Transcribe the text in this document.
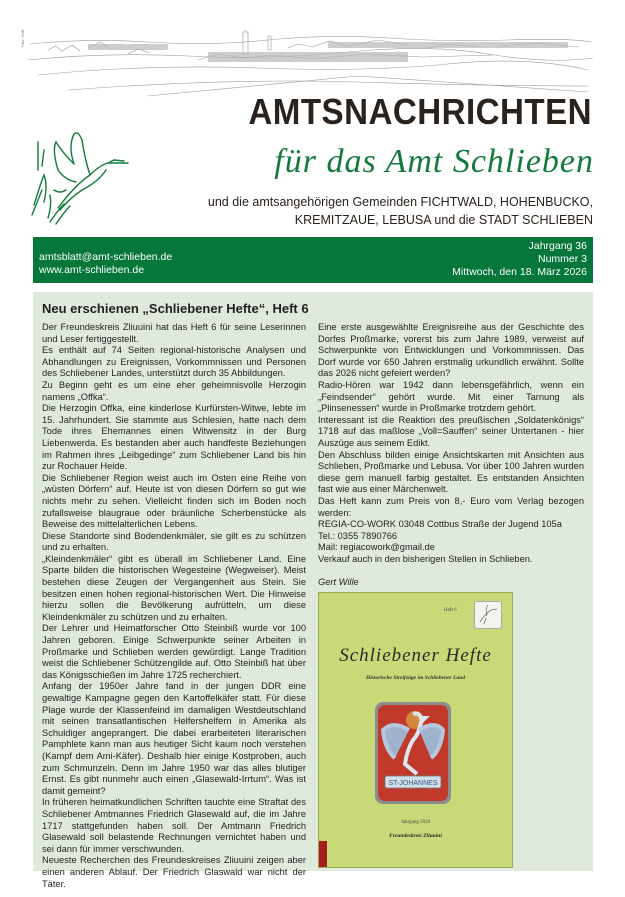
Foto: Hoff
AMTSNACHRICHTEN
für das Amt Schlieben
und die amtsangehörigen Gemeinden FICHTWALD, HOHENBUCKO,
KREMITZAUE, LEBUSA und die STADT SCHLIEBEN
amtsblatt@amt-schlieben.de
www.amt-schlieben.de
Jahrgang 36
Nummer 3
Mittwoch, den 18. März 2026
Neu erschienen „Schliebener Hefte“, Heft 6

Der Freundeskreis Zliuuini hat das Heft 6 für seine Leserinnen und Leser fertiggestellt.

Es enthält auf 74 Seiten regional-historische Analysen und Abhandlungen zu Ereignissen, Vorkommnissen und Personen des Schliebener Landes, unterstützt durch 35 Abbildungen.

Zu Beginn geht es um eine eher geheimnisvolle Herzogin namens „Offka“.

Die Herzogin Offka, eine kinderlose Kurfürsten-Witwe, lebte im 15. Jahrhundert. Sie stammte aus Schlesien, hatte nach dem Tode ihres Ehemannes einen Witwensitz in der Burg Liebenwerda. Es bestanden aber auch handfeste Beziehungen im Rahmen ihres „Leibgedinge“ zum Schliebener Land bis hin zur Rochauer Heide.

Die Schliebener Region weist auch im Osten eine Reihe von „wüsten Dörfern“ auf. Heute ist von diesen Dörfern so gut wie nichts mehr zu sehen. Vielleicht finden sich im Boden noch zufallsweise blaugraue oder bräunliche Scherbenstücke als Beweise des mittelalterlichen Lebens.

Diese Standorte sind Bodendenkmäler, sie gilt es zu schützen und zu erhalten.

„Kleindenkmäler“ gibt es überall im Schliebener Land. Eine Sparte bilden die historischen Wegesteine (Wegweiser). Meist bestehen diese Zeugen der Vergangenheit aus Stein. Sie besitzen einen hohen regional-historischen Wert. Die Hinweise hierzu sollen die Bevölkerung aufrütteln, um diese Kleindenkmäler zu schützen und zu erhalten.

Der Lehrer und Heimatforscher Otto Steinbiß wurde vor 100 Jahren geboren. Einige Schwerpunkte seiner Arbeiten in Proßmarke und Schlieben werden gewürdigt. Lange Tradition weist die Schliebener Schützengilde auf. Otto Steinbiß hat über das Königsschießen im Jahre 1725 recherchiert.

Anfang der 1950er Jahre fand in der jungen DDR eine gewaltige Kampagne gegen den Kartoffelkäfer statt. Für diese Plage wurde der Klassenfeind im damaligen Westdeutschland mit seinen transatlantischen Helfershelfern in Amerika als Schuldiger angeprangert. Die dabei erarbeiteten literarischen Pamphlete kann man aus heutiger Sicht kaum noch verstehen (Kampf dem Ami-Käfer). Deshalb hier einige Kostproben, auch zum Schmunzeln. Denn im Jahre 1950 war das alles blutiger Ernst. Es gibt nunmehr auch einen „Glasewald-Irrtum“. Was ist damit gemeint?

In früheren heimatkundlichen Schriften tauchte eine Straftat des Schliebener Amtmannes Friedrich Glasewald auf, die im Jahre 1717 stattgefunden haben soll. Der Amtmann Friedrich Glasewald soll belastende Rechnungen vernichtet haben und sei dann für immer verschwunden.

Neueste Recherchen des Freundeskreises Zliuuini zeigen aber einen anderen Ablauf. Der Friedrich Glaswald war nicht der Täter.

Eine erste ausgewählte Ereignisreihe aus der Geschichte des Dorfes Proßmarke, vorerst bis zum Jahre 1989, verweist auf Schwerpunkte von Entwicklungen und Vorkommnissen. Das Dorf wurde vor 650 Jahren erstmalig urkundlich erwähnt. Sollte das 2026 nicht gefeiert werden?

Radio-Hören war 1942 dann lebensgefährlich, wenn ein „Feindsender“ gehört wurde. Mit einer Tarnung als „Plinsenessen“ wurde in Proßmarke trotzdem gehört.

Interessant ist die Reaktion des preußischen „Soldatenkönigs“ 1718 auf das maßlose „Voll=Sauffen“ seiner Untertanen - hier Auszüge aus seinem Edikt.

Den Abschluss bilden einige Ansichtskarten mit Ansichten aus Schlieben, Proßmarke und Lebusa. Vor über 100 Jahren wurden diese gern manuell farbig gestaltet. Es entstanden Ansichten fast wie aus einer Märchenwelt.

Das Heft kann zum Preis von 8,- Euro vom Verlag bezogen werden:

REGIA-CO-WORK 03048 Cottbus Straße der Jugend 105a

Tel.: 0355 7890766

Mail: regiacowork@gmail.de

Verkauf auch in den bisherigen Stellen in Schlieben.

Gert Wille

Heft 6
Schliebener Hefte
Historische Streifzüge im Schliebener Land
ST-JOHANNES
Jahrgang 2026
Freundeskreis Zliuuini
